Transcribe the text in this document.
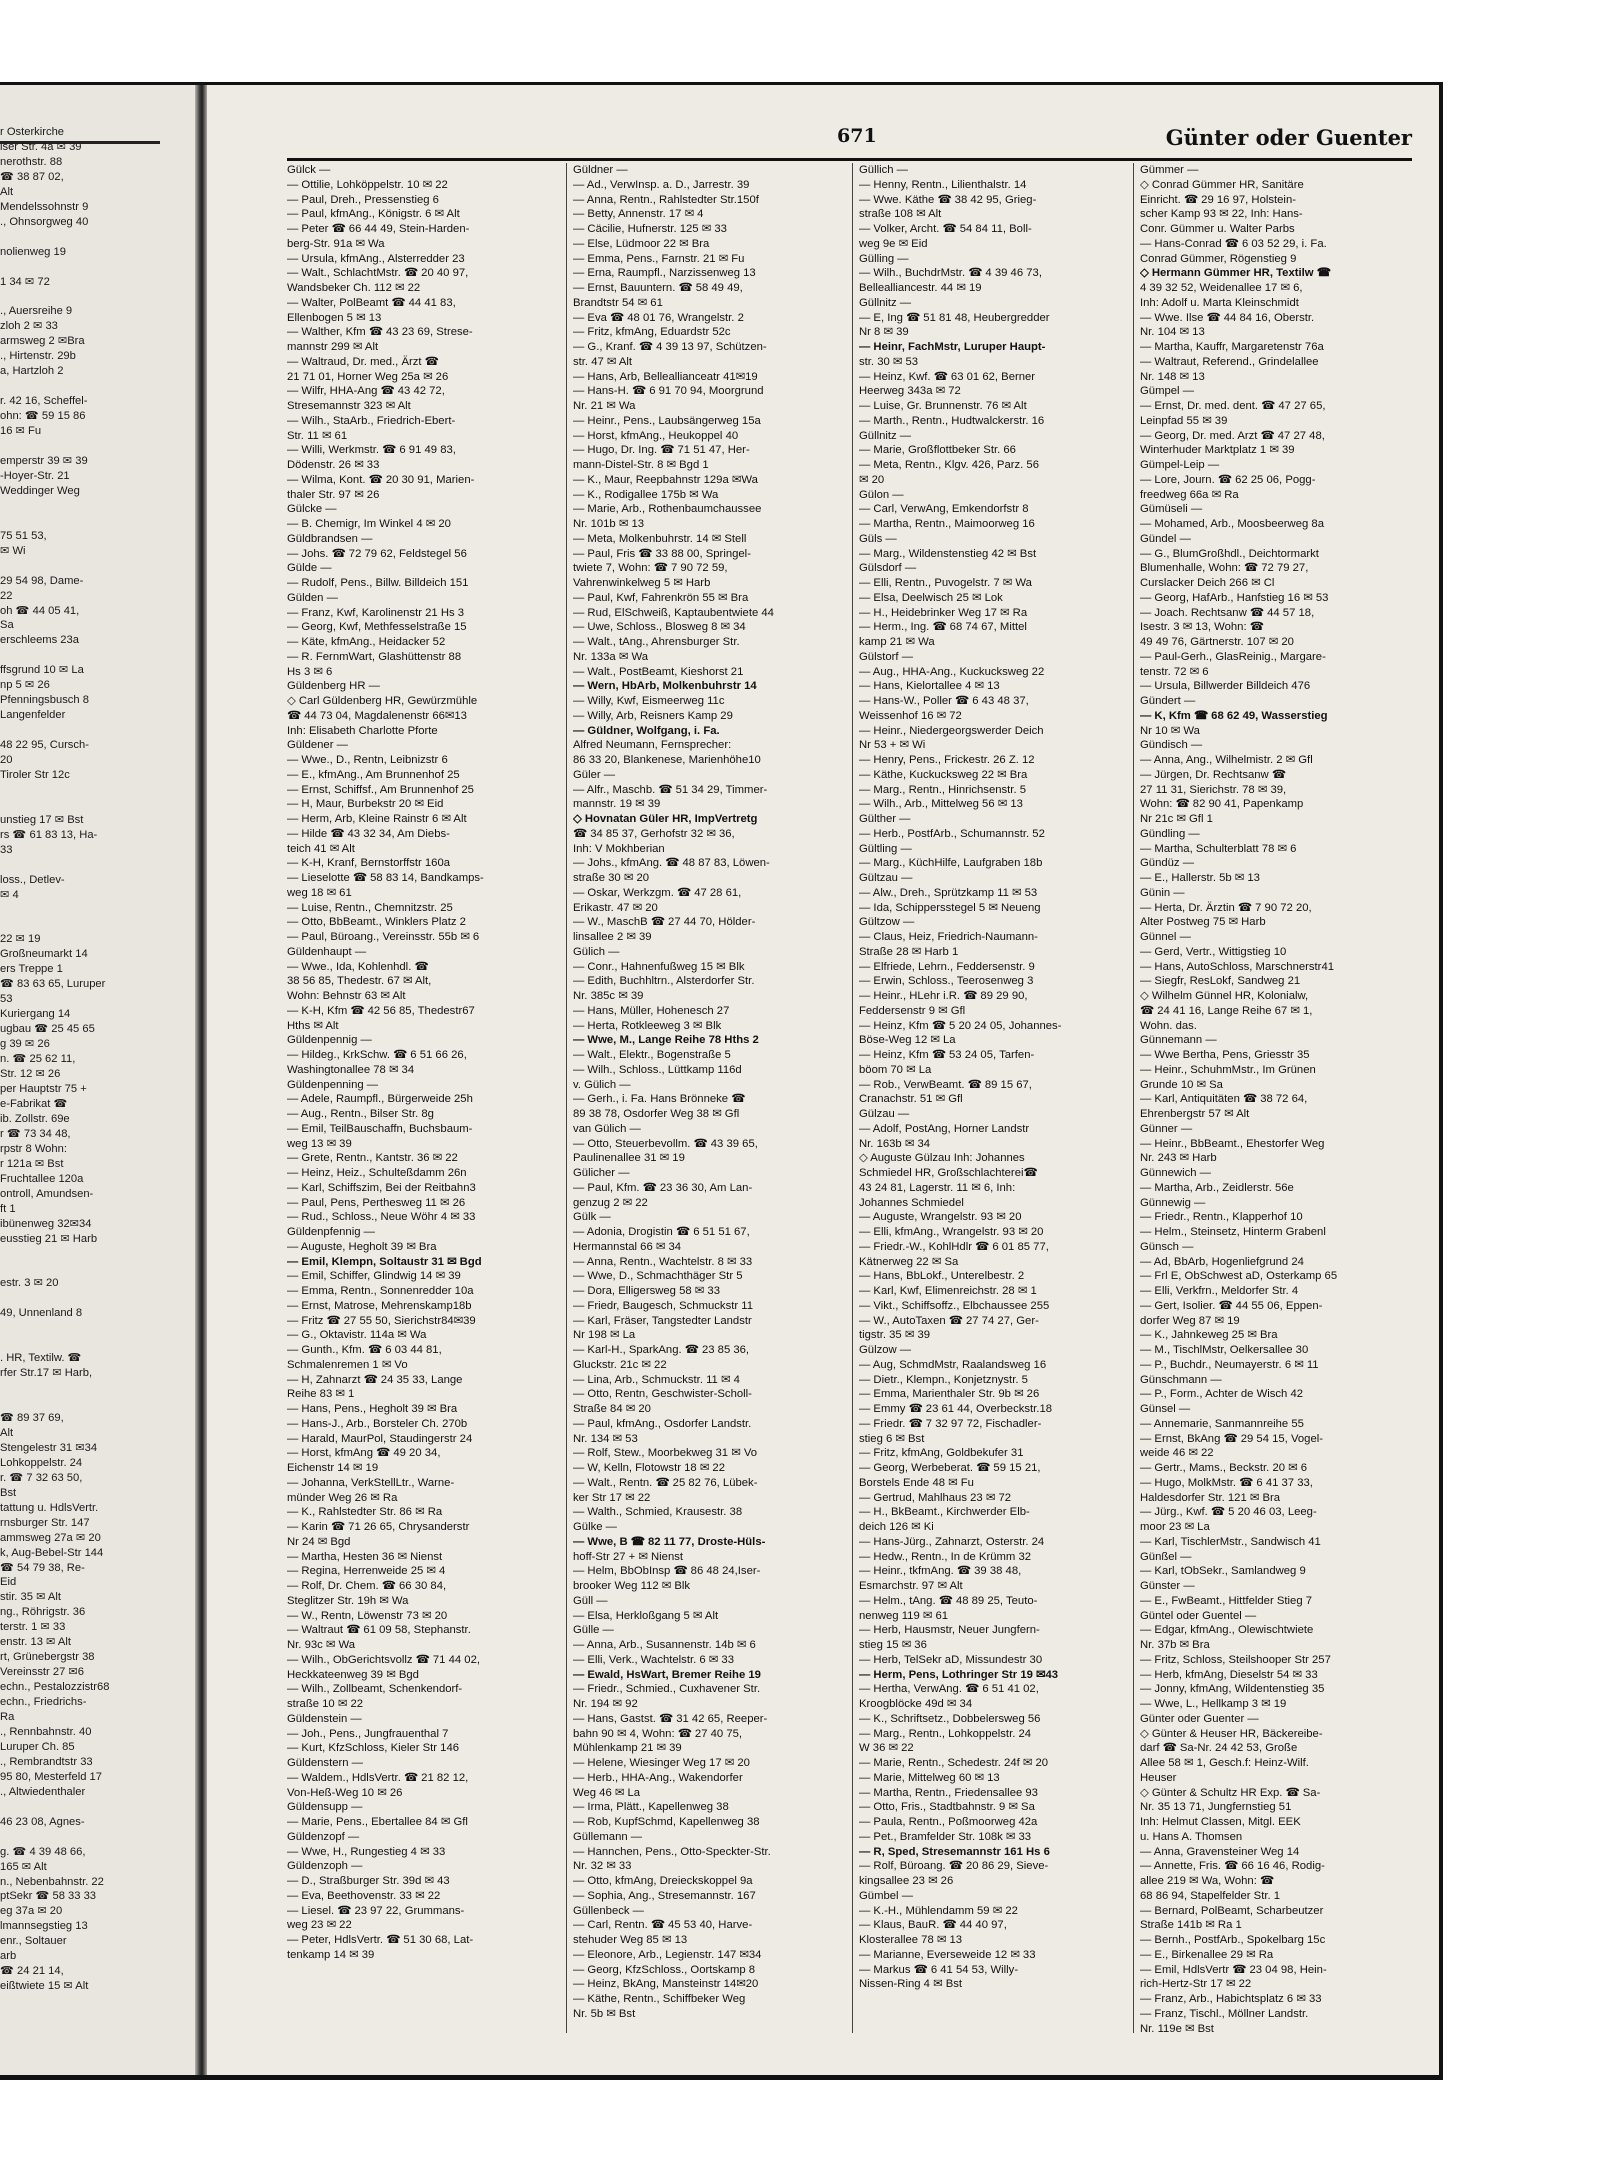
r Osterkirche
iser Str. 4a ✉ 39
nerothstr. 88
☎ 38 87 02,
Alt
Mendelssohnstr 9
., Ohnsorgweg 40

nolienweg 19

1 34 ✉ 72

., Auersreihe 9
zloh 2 ✉ 33
armsweg 2 ✉Bra
., Hirtenstr. 29b
a, Hartzloh 2

r. 42 16, Scheffel-
ohn: ☎ 59 15 86
16 ✉ Fu

emperstr 39 ✉ 39
-Hoyer-Str. 21
Weddinger Weg

75 51 53,
✉ Wi

29 54 98, Dame-
22
oh ☎ 44 05 41,
Sa
erschleems 23a

ffsgrund 10 ✉ La
np 5 ✉ 26
Pfenningsbusch 8
Langenfelder

48 22 95, Cursch-
20
Tiroler Str 12c

unstieg 17 ✉ Bst
rs ☎ 61 83 13, Ha-
33

loss., Detlev-
✉ 4

22 ✉ 19
Großneumarkt 14
ers Treppe 1
☎ 83 63 65, Luruper
53
Kuriergang 14
ugbau ☎ 25 45 65
g 39 ✉ 26
n. ☎ 25 62 11,
Str. 12 ✉ 26
per Hauptstr 75 +
e-Fabrikat ☎
ib. Zollstr. 69e
r ☎ 73 34 48,
rpstr 8 Wohn:
r 121a ✉ Bst
Fruchtallee 120a
ontroll, Amundsen-
ft 1
ibünenweg 32✉34
eusstieg 21 ✉ Harb

estr. 3 ✉ 20

49, Unnenland 8

. HR, Textilw. ☎
rfer Str.17 ✉ Harb,

☎ 89 37 69,
Alt
Stengelestr 31 ✉34
Lohkoppelstr. 24
r. ☎ 7 32 63 50,
Bst
tattung u. HdlsVertr.
rnsburger Str. 147
ammsweg 27a ✉ 20
k, Aug-Bebel-Str 144
☎ 54 79 38, Re-
Eid
stir. 35 ✉ Alt
ng., Röhrigstr. 36
terstr. 1 ✉ 33
enstr. 13 ✉ Alt
rt, Grünebergstr 38
Vereinsstr 27 ✉6
echn., Pestalozzistr68
echn., Friedrichs-
Ra
., Rennbahnstr. 40
Luruper Ch. 85
., Rembrandtstr 33
95 80, Mesterfeld 17
., Altwiedenthaler

46 23 08, Agnes-

g. ☎ 4 39 48 66,
165 ✉ Alt
n., Nebenbahnstr. 22
ptSekr ☎ 58 33 33
eg 37a ✉ 20
lmannsegstieg 13
enr., Soltauer
arb
☎ 24 21 14,
eißtwiete 15 ✉ Alt
671	Günter oder Guenter
Gülck —
— Ottilie, Lohköppelstr. 10 ✉ 22
— Paul, Dreh., Pressenstieg 6
— Paul, kfmAng., Königstr. 6 ✉ Alt
— Peter ☎ 66 44 49, Stein-Harden-
berg-Str. 91a ✉ Wa
— Ursula, kfmAng., Alsterredder 23
— Walt., SchlachtMstr. ☎ 20 40 97,
Wandsbeker Ch. 112 ✉ 22
— Walter, PolBeamt ☎ 44 41 83,
Ellenbogen 5 ✉ 13
— Walther, Kfm ☎ 43 23 69, Strese-
mannstr 299 ✉ Alt
— Waltraud, Dr. med., Ärzt ☎
21 71 01, Horner Weg 25a ✉ 26
— Wilfr, HHA-Ang ☎ 43 42 72,
Stresemannstr 323 ✉ Alt
— Wilh., StaArb., Friedrich-Ebert-
Str. 11 ✉ 61
— Willi, Werkmstr. ☎ 6 91 49 83,
Dödenstr. 26 ✉ 33
— Wilma, Kont. ☎ 20 30 91, Marien-
thaler Str. 97 ✉ 26
Gülcke —
— B. Chemigr, Im Winkel 4 ✉ 20
Güldbrandsen —
— Johs. ☎ 72 79 62, Feldstegel 56
Gülde —
— Rudolf, Pens., Billw. Billdeich 151
Gülden —
— Franz, Kwf, Karolinenstr 21 Hs 3
— Georg, Kwf, Methfesselstraße 15
— Käte, kfmAng., Heidacker 52
— R. FernmWart, Glashüttenstr 88
Hs 3 ✉ 6
Güldenberg HR —
◇ Carl Güldenberg HR, Gewürzmühle
☎ 44 73 04, Magdalenenstr 66✉13
Inh: Elisabeth Charlotte Pforte
Güldener —
— Wwe., D., Rentn, Leibnizstr 6
— E., kfmAng., Am Brunnenhof 25
— Ernst, Schiffsf., Am Brunnenhof 25
— H, Maur, Burbekstr 20 ✉ Eid
— Herm, Arb, Kleine Rainstr 6 ✉ Alt
— Hilde ☎ 43 32 34, Am Diebs-
teich 41 ✉ Alt
— K-H, Kranf, Bernstorffstr 160a
— Lieselotte ☎ 58 83 14, Bandkamps-
weg 18 ✉ 61
— Luise, Rentn., Chemnitzstr. 25
— Otto, BbBeamt., Winklers Platz 2
— Paul, Büroang., Vereinsstr. 55b ✉ 6
Güldenhaupt —
— Wwe., Ida, Kohlenhdl. ☎
38 56 85, Thedestr. 67 ✉ Alt,
Wohn: Behnstr 63 ✉ Alt
— K-H, Kfm ☎ 42 56 85, Thedestr67
Hths ✉ Alt
Güldenpennig —
— Hildeg., KrkSchw. ☎ 6 51 66 26,
Washingtonallee 78 ✉ 34
Güldenpenning —
— Adele, Raumpfl., Bürgerweide 25h
— Aug., Rentn., Bilser Str. 8g
— Emil, TeilBauschaffn, Buchsbaum-
weg 13 ✉ 39
— Grete, Rentn., Kantstr. 36 ✉ 22
— Heinz, Heiz., Schulteßdamm 26n
— Karl, Schiffszim, Bei der Reitbahn3
— Paul, Pens, Perthesweg 11 ✉ 26
— Rud., Schloss., Neue Wöhr 4 ✉ 33
Güldenpfennig —
— Auguste, Hegholt 39 ✉ Bra
— Emil, Klempn, Soltaustr 31 ✉ Bgd
— Emil, Schiffer, Glindwig 14 ✉ 39
— Emma, Rentn., Sonnenredder 10a
— Ernst, Matrose, Mehrenskamp18b
— Fritz ☎ 27 55 50, Sierichstr84✉39
— G., Oktavistr. 114a ✉ Wa
— Gunth., Kfm. ☎ 6 03 44 81,
Schmalenremen 1 ✉ Vo
— H, Zahnarzt ☎ 24 35 33, Lange
Reihe 83 ✉ 1
— Hans, Pens., Hegholt 39 ✉ Bra
— Hans-J., Arb., Borsteler Ch. 270b
— Harald, MaurPol, Staudingerstr 24
— Horst, kfmAng ☎ 49 20 34,
Eichenstr 14 ✉ 19
— Johanna, VerkStellLtr., Warne-
münder Weg 26 ✉ Ra
— K., Rahlstedter Str. 86 ✉ Ra
— Karin ☎ 71 26 65, Chrysanderstr
Nr 24 ✉ Bgd
— Martha, Hesten 36 ✉ Nienst
— Regina, Herrenweide 25 ✉ 4
— Rolf, Dr. Chem. ☎ 66 30 84,
Steglitzer Str. 19h ✉ Wa
— W., Rentn, Löwenstr 73 ✉ 20
— Waltraut ☎ 61 09 58, Stephanstr.
Nr. 93c ✉ Wa
— Wilh., ObGerichtsvollz ☎ 71 44 02,
Heckkateenweg 39 ✉ Bgd
— Wilh., Zollbeamt, Schenkendorf-
straße 10 ✉ 22
Güldenstein —
— Joh., Pens., Jungfrauenthal 7
— Kurt, KfzSchloss, Kieler Str 146
Güldenstern —
— Waldem., HdlsVertr. ☎ 21 82 12,
Von-Heß-Weg 10 ✉ 26
Güldensupp —
— Marie, Pens., Ebertallee 84 ✉ Gfl
Güldenzopf —
— Wwe, H., Rungestieg 4 ✉ 33
Güldenzoph —
— D., Straßburger Str. 39d ✉ 43
— Eva, Beethovenstr. 33 ✉ 22
— Liesel. ☎ 23 97 22, Grummans-
weg 23 ✉ 22
— Peter, HdlsVertr. ☎ 51 30 68, Lat-
tenkamp 14 ✉ 39
Güldner —
— Ad., VerwInsp. a. D., Jarrestr. 39
— Anna, Rentn., Rahlstedter Str.150f
— Betty, Annenstr. 17 ✉ 4
— Cäcilie, Hufnerstr. 125 ✉ 33
— Else, Lüdmoor 22 ✉ Bra
— Emma, Pens., Farnstr. 21 ✉ Fu
— Erna, Raumpfl., Narzissenweg 13
— Ernst, Bauuntern. ☎ 58 49 49,
Brandtstr 54 ✉ 61
— Eva ☎ 48 01 76, Wrangelstr. 2
— Fritz, kfmAng, Eduardstr 52c
— G., Kranf. ☎ 4 39 13 97, Schützen-
str. 47 ✉ Alt
— Hans, Arb, Belleallianceatr 41✉19
— Hans-H. ☎ 6 91 70 94, Moorgrund
Nr. 21 ✉ Wa
— Heinr., Pens., Laubsängerweg 15a
— Horst, kfmAng., Heukoppel 40
— Hugo, Dr. Ing. ☎ 71 51 47, Her-
mann-Distel-Str. 8 ✉ Bgd 1
— K., Maur, Reepbahnstr 129a ✉Wa
— K., Rodigallee 175b ✉ Wa
— Marie, Arb., Rothenbaumchaussee
Nr. 101b ✉ 13
— Meta, Molkenbuhrstr. 14 ✉ Stell
— Paul, Fris ☎ 33 88 00, Springel-
twiete 7, Wohn: ☎ 7 90 72 59,
Vahrenwinkelweg 5 ✉ Harb
— Paul, Kwf, Fahrenkrön 55 ✉ Bra
— Rud, ElSchweiß, Kaptaubentwiete 44
— Uwe, Schloss., Blosweg 8 ✉ 34
— Walt., tAng., Ahrensburger Str.
Nr. 133a ✉ Wa
— Walt., PostBeamt, Kieshorst 21
— Wern, HbArb, Molkenbuhrstr 14
— Willy, Kwf, Eismeerweg 11c
— Willy, Arb, Reisners Kamp 29
— Güldner, Wolfgang, i. Fa.
Alfred Neumann, Fernsprecher:
86 33 20, Blankenese, Marienhöhe10
Güler —
— Alfr., Maschb. ☎ 51 34 29, Timmer-
mannstr. 19 ✉ 39
◇ Hovnatan Güler HR, ImpVertretg
☎ 34 85 37, Gerhofstr 32 ✉ 36,
Inh: V Mokhberian
— Johs., kfmAng. ☎ 48 87 83, Löwen-
straße 30 ✉ 20
— Oskar, Werkzgm. ☎ 47 28 61,
Erikastr. 47 ✉ 20
— W., MaschB ☎ 27 44 70, Hölder-
linsallee 2 ✉ 39
Gülich —
— Conr., Hahnenfußweg 15 ✉ Blk
— Edith, Buchhltrn., Alsterdorfer Str.
Nr. 385c ✉ 39
— Hans, Müller, Hohenesch 27
— Herta, Rotkleeweg 3 ✉ Blk
— Wwe, M., Lange Reihe 78 Hths 2
— Walt., Elektr., Bogenstraße 5
— Wilh., Schloss., Lüttkamp 116d
v. Gülich —
— Gerh., i. Fa. Hans Brönneke ☎
89 38 78, Osdorfer Weg 38 ✉ Gfl
van Gülich —
— Otto, Steuerbevollm. ☎ 43 39 65,
Paulinenallee 31 ✉ 19
Gülicher —
— Paul, Kfm. ☎ 23 36 30, Am Lan-
genzug 2 ✉ 22
Gülk —
— Adonia, Drogistin ☎ 6 51 51 67,
Hermannstal 66 ✉ 34
— Anna, Rentn., Wachtelstr. 8 ✉ 33
— Wwe, D., Schmachthäger Str 5
— Dora, Elligersweg 58 ✉ 33
— Friedr, Baugesch, Schmuckstr 11
— Karl, Fräser, Tangstedter Landstr
Nr 198 ✉ La
— Karl-H., SparkAng. ☎ 23 85 36,
Gluckstr. 21c ✉ 22
— Lina, Arb., Schmuckstr. 11 ✉ 4
— Otto, Rentn, Geschwister-Scholl-
Straße 84 ✉ 20
— Paul, kfmAng., Osdorfer Landstr.
Nr. 134 ✉ 53
— Rolf, Stew., Moorbekweg 31 ✉ Vo
— W, Kelln, Flotowstr 18 ✉ 22
— Walt., Rentn. ☎ 25 82 76, Lübek-
ker Str 17 ✉ 22
— Walth., Schmied, Krausestr. 38
Gülke —
— Wwe, B ☎ 82 11 77, Droste-Hüls-
hoff-Str 27 + ✉ Nienst
— Helm, BbObInsp ☎ 86 48 24,Iser-
brooker Weg 112 ✉ Blk
Güll —
— Elsa, Herkloßgang 5 ✉ Alt
Gülle —
— Anna, Arb., Susannenstr. 14b ✉ 6
— Elli, Verk., Wachtelstr. 6 ✉ 33
— Ewald, HsWart, Bremer Reihe 19
— Friedr., Schmied., Cuxhavener Str.
Nr. 194 ✉ 92
— Hans, Gastst. ☎ 31 42 65, Reeper-
bahn 90 ✉ 4, Wohn: ☎ 27 40 75,
Mühlenkamp 21 ✉ 39
— Helene, Wiesinger Weg 17 ✉ 20
— Herb., HHA-Ang., Wakendorfer
Weg 46 ✉ La
— Irma, Plätt., Kapellenweg 38
— Rob, KupfSchmd, Kapellenweg 38
Güllemann —
— Hannchen, Pens., Otto-Speckter-Str.
Nr. 32 ✉ 33
— Otto, kfmAng, Dreieckskoppel 9a
— Sophia, Ang., Stresemannstr. 167
Güllenbeck —
— Carl, Rentn. ☎ 45 53 40, Harve-
stehuder Weg 85 ✉ 13
— Eleonore, Arb., Legienstr. 147 ✉34
— Georg, KfzSchloss., Oortskamp 8
— Heinz, BkAng, Mansteinstr 14✉20
— Käthe, Rentn., Schiffbeker Weg
Nr. 5b ✉ Bst
Güllich —
— Henny, Rentn., Lilienthalstr. 14
— Wwe. Käthe ☎ 38 42 95, Grieg-
straße 108 ✉ Alt
— Volker, Archt. ☎ 54 84 11, Boll-
weg 9e ✉ Eid
Gülling —
— Wilh., BuchdrMstr. ☎ 4 39 46 73,
Bellealliancestr. 44 ✉ 19
Güllnitz —
— E, Ing ☎ 51 81 48, Heubergredder
Nr 8 ✉ 39
— Heinr, FachMstr, Luruper Haupt-
str. 30 ✉ 53
— Heinz, Kwf. ☎ 63 01 62, Berner
Heerweg 343a ✉ 72
— Luise, Gr. Brunnenstr. 76 ✉ Alt
— Marth., Rentn., Hudtwalckerstr. 16
Güllnitz —
— Marie, Großflottbeker Str. 66
— Meta, Rentn., Klgv. 426, Parz. 56
✉ 20
Gülon —
— Carl, VerwAng, Emkendorfstr 8
— Martha, Rentn., Maimoorweg 16
Güls —
— Marg., Wildenstenstieg 42 ✉ Bst
Gülsdorf —
— Elli, Rentn., Puvogelstr. 7 ✉ Wa
— Elsa, Deelwisch 25 ✉ Lok
— H., Heidebrinker Weg 17 ✉ Ra
— Herm., Ing. ☎ 68 74 67, Mittel
kamp 21 ✉ Wa
Gülstorf —
— Aug., HHA-Ang., Kuckucksweg 22
— Hans, Kielortallee 4 ✉ 13
— Hans-W., Poller ☎ 6 43 48 37,
Weissenhof 16 ✉ 72
— Heinr., Niedergeorgswerder Deich
Nr 53 + ✉ Wi
— Henry, Pens., Frickestr. 26 Z. 12
— Käthe, Kuckucksweg 22 ✉ Bra
— Marg., Rentn., Hinrichsenstr. 5
— Wilh., Arb., Mittelweg 56 ✉ 13
Gülther —
— Herb., PostfArb., Schumannstr. 52
Gültling —
— Marg., KüchHilfe, Laufgraben 18b
Gültzau —
— Alw., Dreh., Sprützkamp 11 ✉ 53
— Ida, Schippersstegel 5 ✉ Neueng
Gültzow —
— Claus, Heiz, Friedrich-Naumann-
Straße 28 ✉ Harb 1
— Elfriede, Lehrn., Feddersenstr. 9
— Erwin, Schloss., Teerosenweg 3
— Heinr., HLehr i.R. ☎ 89 29 90,
Feddersenstr 9 ✉ Gfl
— Heinz, Kfm ☎ 5 20 24 05, Johannes-
Böse-Weg 12 ✉ La
— Heinz, Kfm ☎ 53 24 05, Tarfen-
böom 70 ✉ La
— Rob., VerwBeamt. ☎ 89 15 67,
Cranachstr. 51 ✉ Gfl
Gülzau —
— Adolf, PostAng, Horner Landstr
Nr. 163b ✉ 34
◇ Auguste Gülzau Inh: Johannes
Schmiedel HR, Großschlachterei☎
43 24 81, Lagerstr. 11 ✉ 6, Inh:
Johannes Schmiedel
— Auguste, Wrangelstr. 93 ✉ 20
— Elli, kfmAng., Wrangelstr. 93 ✉ 20
— Friedr.-W., KohlHdlr ☎ 6 01 85 77,
Kätnerweg 22 ✉ Sa
— Hans, BbLokf., Unterelbestr. 2
— Karl, Kwf, Elimenreichstr. 28 ✉ 1
— Vikt., Schiffsoffz., Elbchaussee 255
— W., AutoTaxen ☎ 27 74 27, Ger-
tigstr. 35 ✉ 39
Gülzow —
— Aug, SchmdMstr, Raalandsweg 16
— Dietr., Klempn., Konjetznystr. 5
— Emma, Marienthaler Str. 9b ✉ 26
— Emmy ☎ 23 61 44, Overbeckstr.18
— Friedr. ☎ 7 32 97 72, Fischadler-
stieg 6 ✉ Bst
— Fritz, kfmAng, Goldbekufer 31
— Georg, Werbeberat. ☎ 59 15 21,
Borstels Ende 48 ✉ Fu
— Gertrud, Mahlhaus 23 ✉ 72
— H., BkBeamt., Kirchwerder Elb-
deich 126 ✉ Ki
— Hans-Jürg., Zahnarzt, Osterstr. 24
— Hedw., Rentn., In de Krümm 32
— Heinr., tkfmAng. ☎ 39 38 48,
Esmarchstr. 97 ✉ Alt
— Helm., tAng. ☎ 48 89 25, Teuto-
nenweg 119 ✉ 61
— Herb, Hausmstr, Neuer Jungfern-
stieg 15 ✉ 36
— Herb, TelSekr aD, Missundestr 30
— Herm, Pens, Lothringer Str 19 ✉43
— Hertha, VerwAng. ☎ 6 51 41 02,
Kroogblöcke 49d ✉ 34
— K., Schriftsetz., Dobbelersweg 56
— Marg., Rentn., Lohkoppelstr. 24
W 36 ✉ 22
— Marie, Rentn., Schedestr. 24f ✉ 20
— Marie, Mittelweg 60 ✉ 13
— Martha, Rentn., Friedensallee 93
— Otto, Fris., Stadtbahnstr. 9 ✉ Sa
— Paula, Rentn., Poßmoorweg 42a
— Pet., Bramfelder Str. 108k ✉ 33
— R, Sped, Stresemannstr 161 Hs 6
— Rolf, Büroang. ☎ 20 86 29, Sieve-
kingsallee 23 ✉ 26
Gümbel —
— K.-H., Mühlendamm 59 ✉ 22
— Klaus, BauR. ☎ 44 40 97,
Klosterallee 78 ✉ 13
— Marianne, Everseweide 12 ✉ 33
— Markus ☎ 6 41 54 53, Willy-
Nissen-Ring 4 ✉ Bst
Gümmer —
◇ Conrad Gümmer HR, Sanitäre
Einricht. ☎ 29 16 97, Holstein-
scher Kamp 93 ✉ 22, Inh: Hans-
Conr. Gümmer u. Walter Parbs
— Hans-Conrad ☎ 6 03 52 29, i. Fa.
Conrad Gümmer, Rögenstieg 9
◇ Hermann Gümmer HR, Textilw ☎
4 39 32 52, Weidenallee 17 ✉ 6,
Inh: Adolf u. Marta Kleinschmidt
— Wwe. Ilse ☎ 44 84 16, Oberstr.
Nr. 104 ✉ 13
— Martha, Kauffr, Margaretenstr 76a
— Waltraut, Referend., Grindelallee
Nr. 148 ✉ 13
Gümpel —
— Ernst, Dr. med. dent. ☎ 47 27 65,
Leinpfad 55 ✉ 39
— Georg, Dr. med. Arzt ☎ 47 27 48,
Winterhuder Marktplatz 1 ✉ 39
Gümpel-Leip —
— Lore, Journ. ☎ 62 25 06, Pogg-
freedweg 66a ✉ Ra
Gümüseli —
— Mohamed, Arb., Moosbeerweg 8a
Gündel —
— G., BlumGroßhdl., Deichtormarkt
Blumenhalle, Wohn: ☎ 72 79 27,
Curslacker Deich 266 ✉ Cl
— Georg, HafArb., Hanfstieg 16 ✉ 53
— Joach. Rechtsanw ☎ 44 57 18,
Isestr. 3 ✉ 13, Wohn: ☎
49 49 76, Gärtnerstr. 107 ✉ 20
— Paul-Gerh., GlasReinig., Margare-
tenstr. 72 ✉ 6
— Ursula, Billwerder Billdeich 476
Gündert —
— K, Kfm ☎ 68 62 49, Wasserstieg
Nr 10 ✉ Wa
Gündisch —
— Anna, Ang., Wilhelmistr. 2 ✉ Gfl
— Jürgen, Dr. Rechtsanw ☎
27 11 31, Sierichstr. 78 ✉ 39,
Wohn: ☎ 82 90 41, Papenkamp
Nr 21c ✉ Gfl 1
Gündling —
— Martha, Schulterblatt 78 ✉ 6
Gündüz —
— E., Hallerstr. 5b ✉ 13
Günin —
— Herta, Dr. Ärztin ☎ 7 90 72 20,
Alter Postweg 75 ✉ Harb
Günnel —
— Gerd, Vertr., Wittigstieg 10
— Hans, AutoSchloss, Marschnerstr41
— Siegfr, ResLokf, Sandweg 21
◇ Wilhelm Günnel HR, Kolonialw,
☎ 24 41 16, Lange Reihe 67 ✉ 1,
Wohn. das.
Günnemann —
— Wwe Bertha, Pens, Griesstr 35
— Heinr., SchuhmMstr., Im Grünen
Grunde 10 ✉ Sa
— Karl, Antiquitäten ☎ 38 72 64,
Ehrenbergstr 57 ✉ Alt
Günner —
— Heinr., BbBeamt., Ehestorfer Weg
Nr. 243 ✉ Harb
Günnewich —
— Martha, Arb., Zeidlerstr. 56e
Günnewig —
— Friedr., Rentn., Klapperhof 10
— Helm., Steinsetz, Hinterm Grabenl
Günsch —
— Ad, BbArb, Hogenliefgrund 24
— Frl E, ObSchwest aD, Osterkamp 65
— Elli, Verkfrn., Meldorfer Str. 4
— Gert, Isolier. ☎ 44 55 06, Eppen-
dorfer Weg 87 ✉ 19
— K., Jahnkeweg 25 ✉ Bra
— M., TischlMstr, Oelkersallee 30
— P., Buchdr., Neumayerstr. 6 ✉ 11
Günschmann —
— P., Form., Achter de Wisch 42
Günsel —
— Annemarie, Sanmannreihe 55
— Ernst, BkAng ☎ 29 54 15, Vogel-
weide 46 ✉ 22
— Gertr., Mams., Beckstr. 20 ✉ 6
— Hugo, MolkMstr. ☎ 6 41 37 33,
Haldesdorfer Str. 121 ✉ Bra
— Jürg., Kwf. ☎ 5 20 46 03, Leeg-
moor 23 ✉ La
— Karl, TischlerMstr., Sandwisch 41
Günßel —
— Karl, tObSekr., Samlandweg 9
Günster —
— E., FwBeamt., Hittfelder Stieg 7
Güntel oder Guentel —
— Edgar, kfmAng., Olewischtwiete
Nr. 37b ✉ Bra
— Fritz, Schloss, Steilshooper Str 257
— Herb, kfmAng, Dieselstr 54 ✉ 33
— Jonny, kfmAng, Wildentenstieg 35
— Wwe, L., Hellkamp 3 ✉ 19
Günter oder Guenter —
◇ Günter & Heuser HR, Bäckereibe-
darf ☎ Sa-Nr. 24 42 53, Große
Allee 58 ✉ 1, Gesch.f: Heinz-Wilf.
Heuser
◇ Günter & Schultz HR Exp. ☎ Sa-
Nr. 35 13 71, Jungfernstieg 51
Inh: Helmut Classen, Mitgl. EEK
u. Hans A. Thomsen
— Anna, Gravensteiner Weg 14
— Annette, Fris. ☎ 66 16 46, Rodig-
allee 219 ✉ Wa, Wohn: ☎
68 86 94, Stapelfelder Str. 1
— Bernard, PolBeamt, Scharbeutzer
Straße 141b ✉ Ra 1
— Bernh., PostfArb., Spokelbarg 15c
— E., Birkenallee 29 ✉ Ra
— Emil, HdlsVertr ☎ 23 04 98, Hein-
rich-Hertz-Str 17 ✉ 22
— Franz, Arb., Habichtsplatz 6 ✉ 33
— Franz, Tischl., Möllner Landstr.
Nr. 119e ✉ Bst
